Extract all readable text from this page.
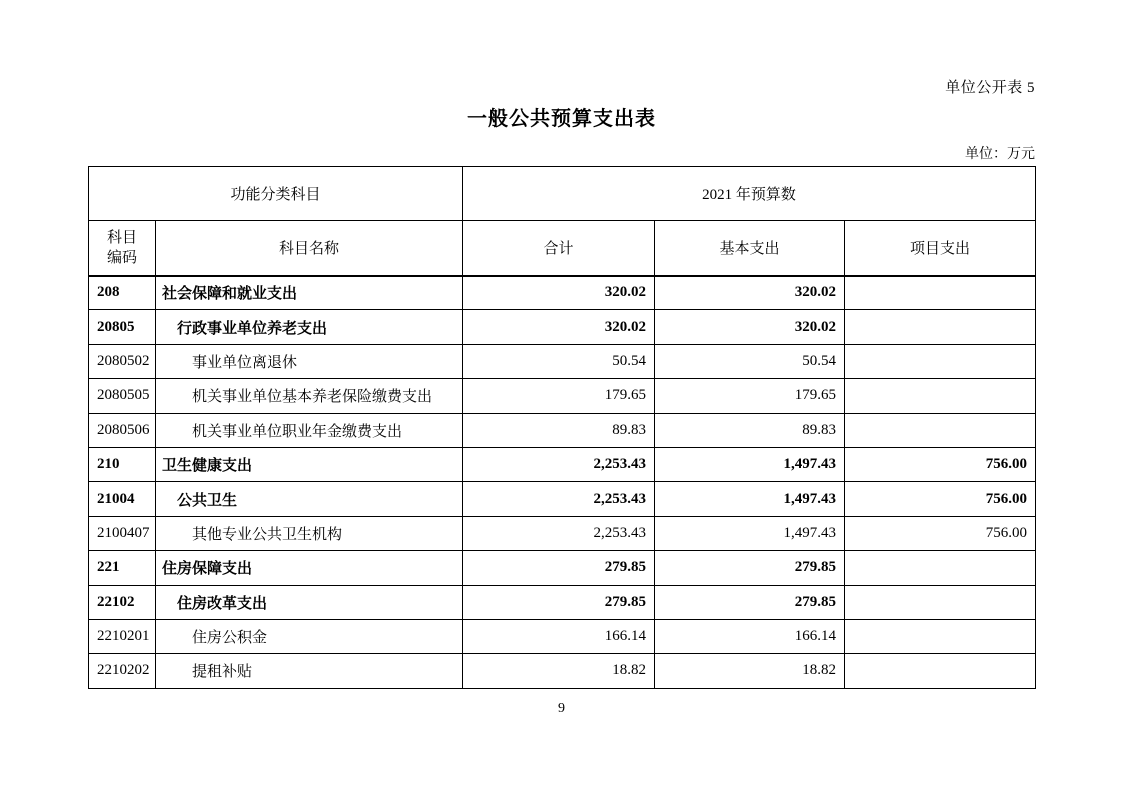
单位公开表 5
一般公共预算支出表
单位：万元
功能分类科目		2021 年预算数		

科目
编码	科目名称	合计	基本支出	项目支出
208	社会保障和就业支出	320.02	320.02	
20805	行政事业单位养老支出	320.02	320.02	
2080502	事业单位离退休	50.54	50.54	
2080505	机关事业单位基本养老保险缴费支出	179.65	179.65	
2080506	机关事业单位职业年金缴费支出	89.83	89.83	
210	卫生健康支出	2,253.43	1,497.43	756.00
21004	公共卫生	2,253.43	1,497.43	756.00
2100407	其他专业公共卫生机构	2,253.43	1,497.43	756.00
221	住房保障支出	279.85	279.85	
22102	住房改革支出	279.85	279.85	
2210201	住房公积金	166.14	166.14	
2210202	提租补贴	18.82	18.82	
9
